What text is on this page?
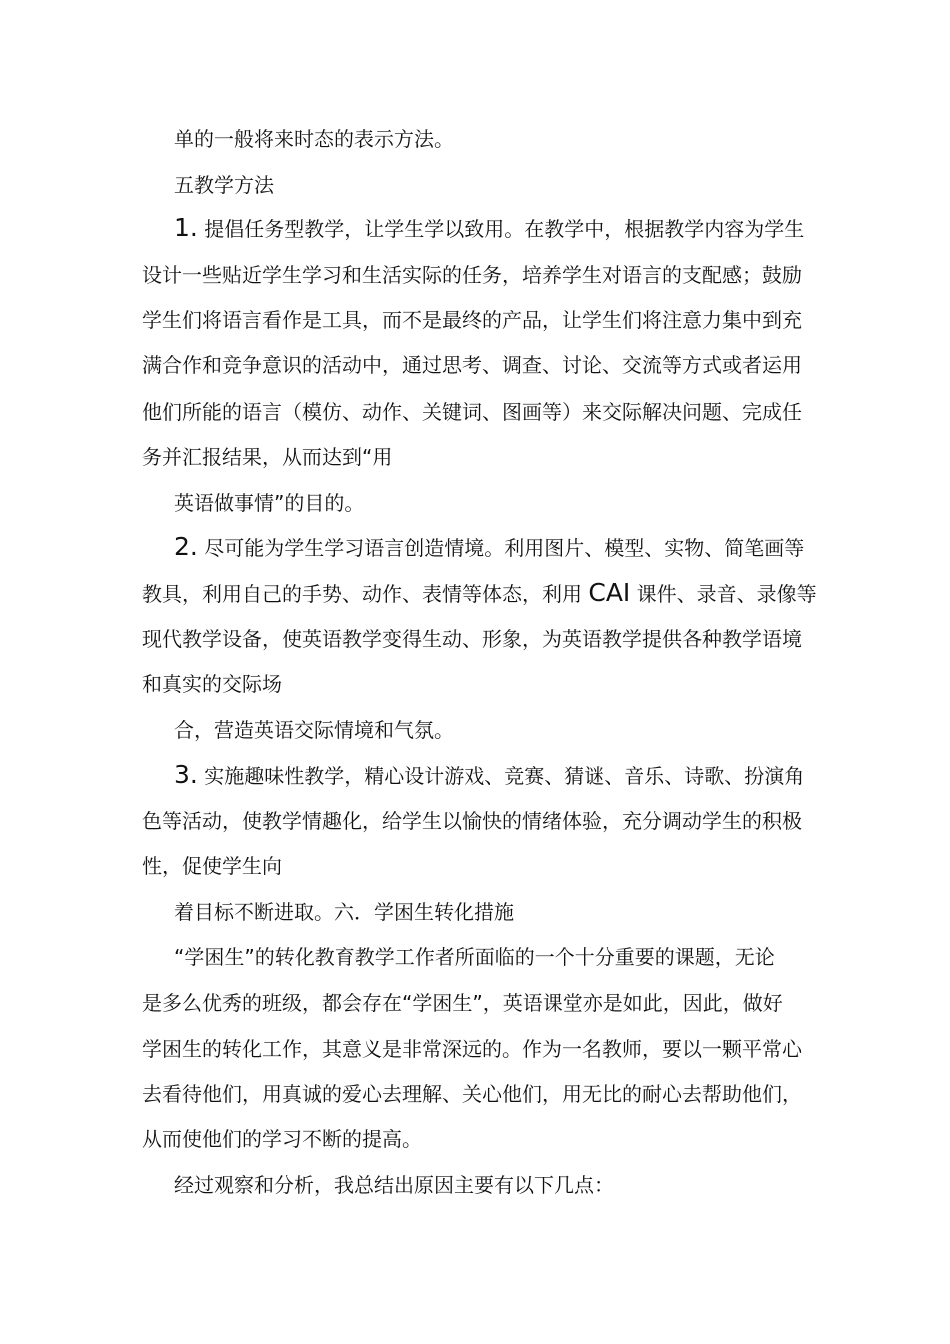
单的一般将来时态的表示方法。
五教学方法
1. 提倡任务型教学，让学生学以致用。在教学中，根据教学内容为学生
设计一些贴近学生学习和生活实际的任务，培养学生对语言的支配感；鼓励
学生们将语言看作是工具，而不是最终的产品，让学生们将注意力集中到充
满合作和竞争意识的活动中，通过思考、调查、讨论、交流等方式或者运用
他们所能的语言（模仿、动作、关键词、图画等）来交际解决问题、完成任
务并汇报结果，从而达到“用
英语做事情”的目的。
2. 尽可能为学生学习语言创造情境。利用图片、模型、实物、简笔画等
教具，利用自己的手势、动作、表情等体态，利用 CAI 课件、录音、录像等
现代教学设备，使英语教学变得生动、形象，为英语教学提供各种教学语境
和真实的交际场
合，营造英语交际情境和气氛。
3. 实施趣味性教学，精心设计游戏、竞赛、猜谜、音乐、诗歌、扮演角
色等活动，使教学情趣化，给学生以愉快的情绪体验，充分调动学生的积极
性，促使学生向
着目标不断进取。六．学困生转化措施
“学困生”的转化教育教学工作者所面临的一个十分重要的课题，无论
是多么优秀的班级，都会存在“学困生”，英语课堂亦是如此，因此，做好
学困生的转化工作，其意义是非常深远的。作为一名教师，要以一颗平常心
去看待他们，用真诚的爱心去理解、关心他们，用无比的耐心去帮助他们，
从而使他们的学习不断的提高。
经过观察和分析，我总结出原因主要有以下几点：
